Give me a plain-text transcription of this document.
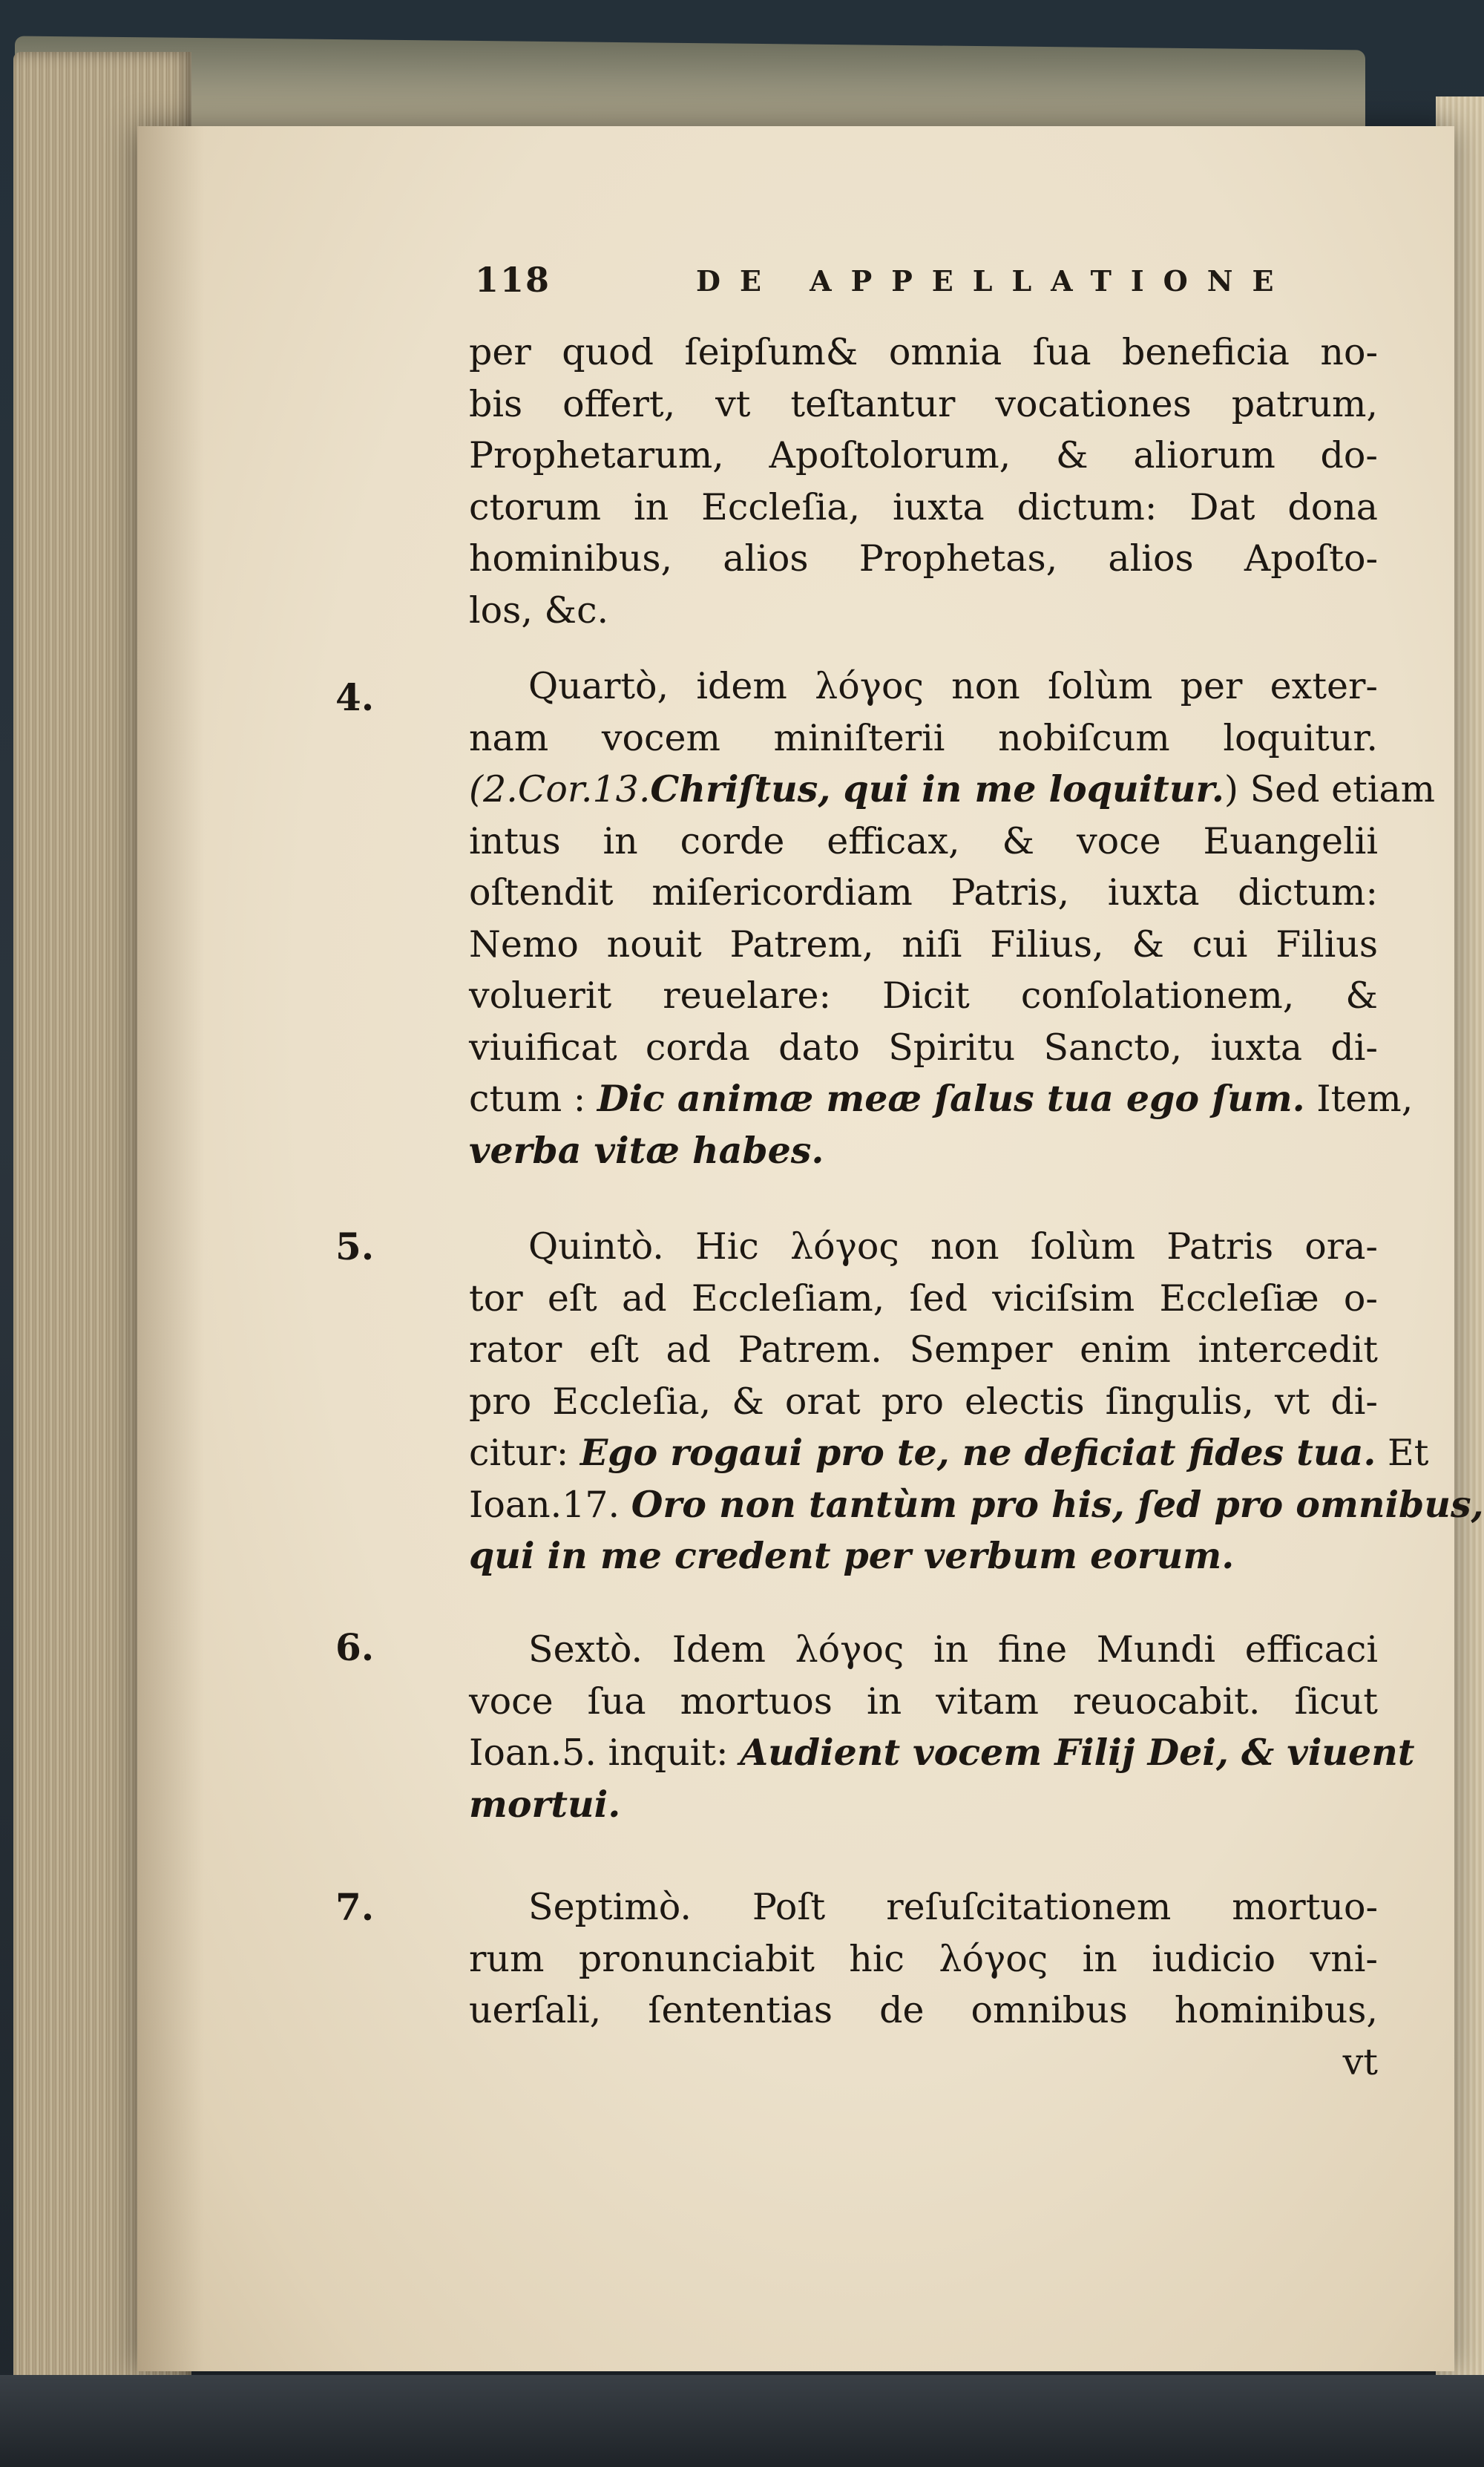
118	DE APPELLATIONE
per quod ſeipſum& omnia ſua beneficia no-
bis offert, vt teſtantur vocationes patrum,
Prophetarum, Apoſtolorum, & aliorum do-
ctorum in Eccleſia, iuxta dictum: Dat dona
hominibus, alios Prophetas, alios Apoſto-
los, &c.
4.	Quartò, idem λόγος non ſolùm per exter-
nam vocem miniſterii nobiſcum loquitur.
(2.Cor.13.Chriſtus, qui in me loquitur.) Sed etiam
intus in corde efficax, & voce Euangelii
oſtendit miſericordiam Patris, iuxta dictum:
Nemo nouit Patrem, niſi Filius, & cui Filius
voluerit reuelare: Dicit conſolationem, &
viuificat corda dato Spiritu Sancto, iuxta di-
ctum : Dic animæ meæ ſalus tua ego ſum. Item,
verba vitæ habes.
5.	Quintò. Hic λόγος non ſolùm Patris ora-
tor eſt ad Eccleſiam, ſed viciſsim Eccleſiæ o-
rator eſt ad Patrem. Semper enim intercedit
pro Eccleſia, & orat pro electis ſingulis, vt di-
citur: Ego rogaui pro te, ne deficiat fides tua. Et
Ioan.17. Oro non tantùm pro his, ſed pro omnibus,
qui in me credent per verbum eorum.
6.	Sextò. Idem λόγος in fine Mundi efficaci
voce ſua mortuos in vitam reuocabit. ſicut
Ioan.5. inquit: Audient vocem Filij Dei, & viuent
mortui.
7.	Septimò. Poſt reſuſcitationem mortuo-
rum pronunciabit hic λόγος in iudicio vni-
uerſali, ſententias de omnibus hominibus,
vt
